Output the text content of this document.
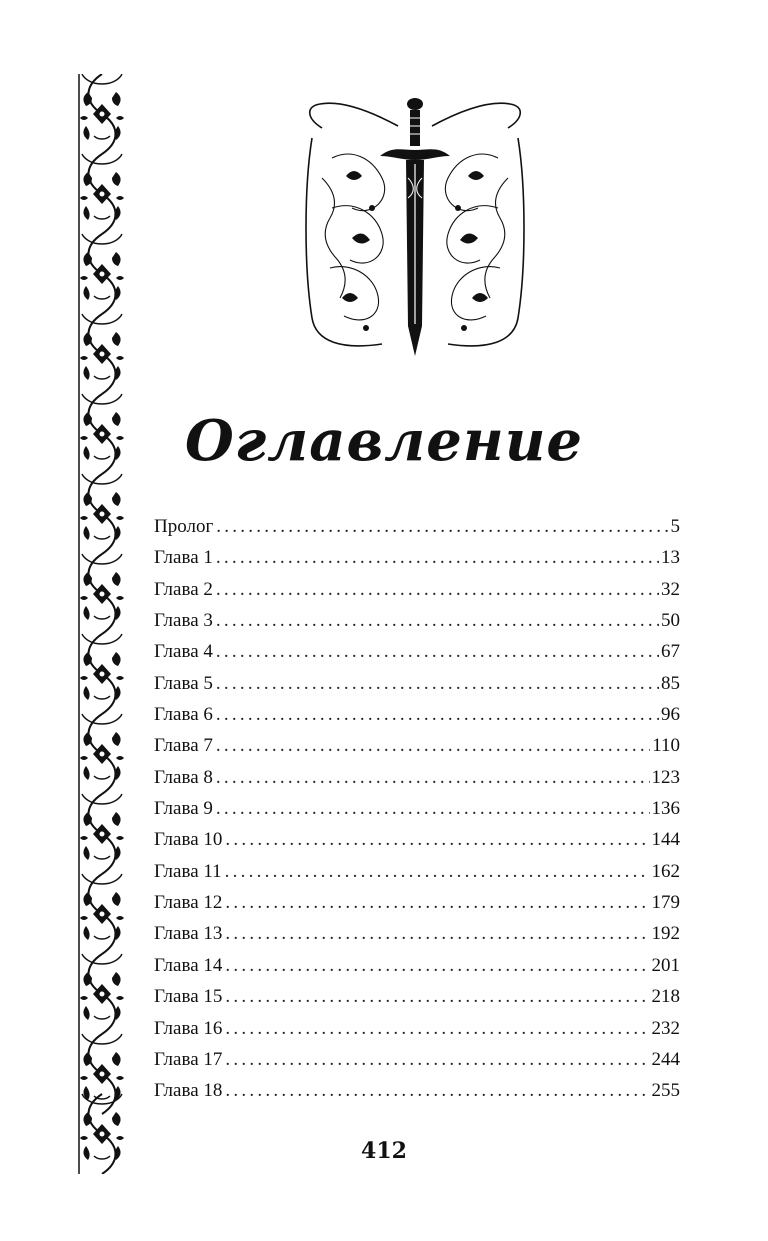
Оглавление
Пролог . . .	5
Глава 1 . . .	13
Глава 2 . . .	32
Глава 3 . . .	50
Глава 4 . . .	67
Глава 5 . . .	85
Глава 6 . . .	96
Глава 7 . . .	110
Глава 8 . . .	123
Глава 9 . . .	136
Глава 10 . . .	144
Глава 11 . . .	162
Глава 12 . . .	179
Глава 13 . . .	192
Глава 14 . . .	201
Глава 15 . . .	218
Глава 16 . . .	232
Глава 17 . . .	244
Глава 18 . . .	255
412
